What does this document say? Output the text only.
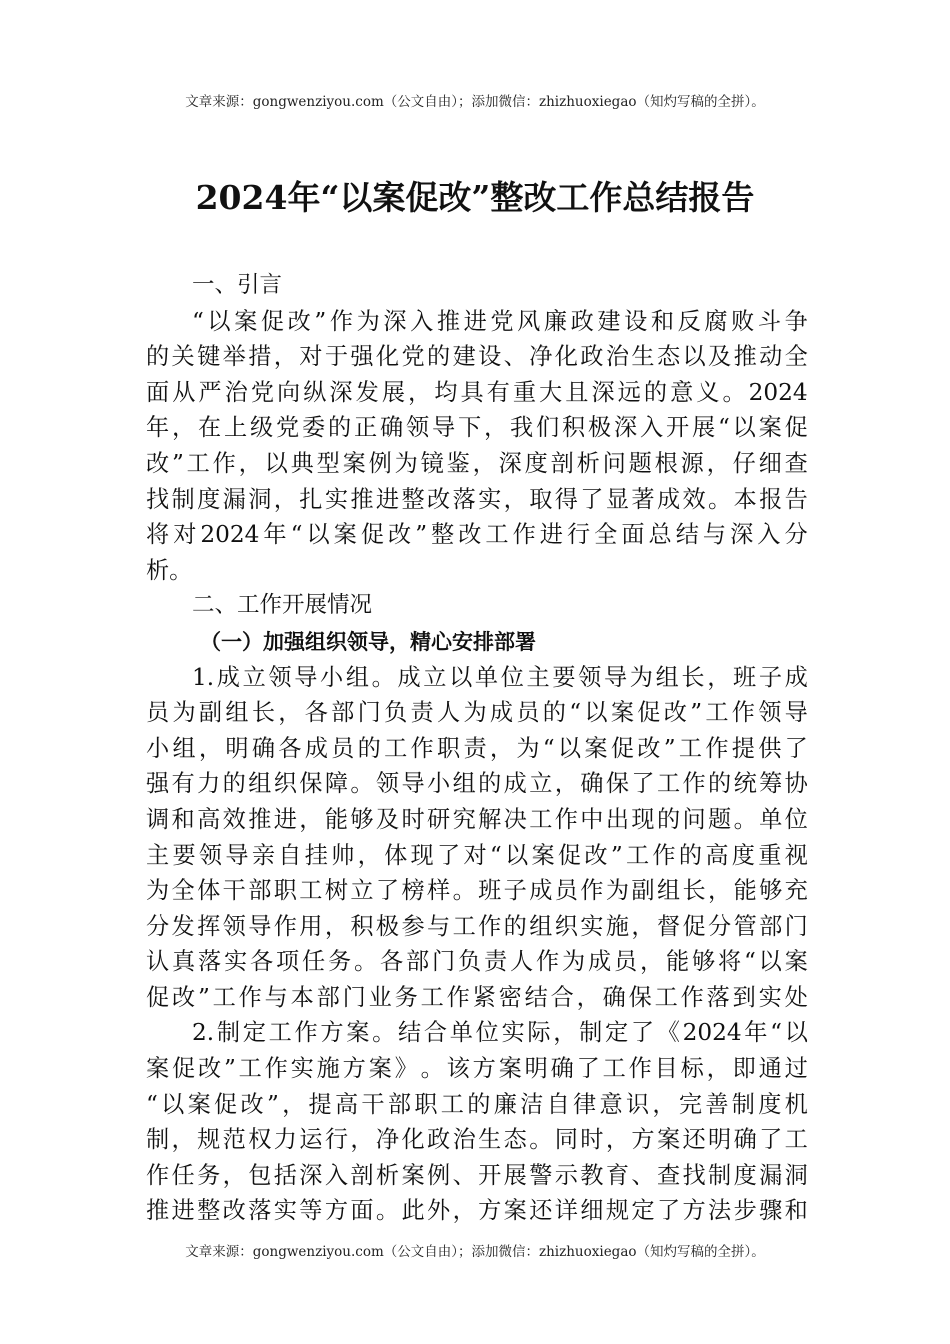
文章来源：gongwenziyou.com（公文自由）；添加微信：zhizhuoxiegao（知灼写稿的全拼）。
2024年“以案促改”整改工作总结报告
一、引言
“ 以 案 促 改 ” 作 为 深 入 推 进 党 风 廉 政 建 设 和 反 腐 败 斗 争
的 关 键 举 措 ， 对 于 强 化 党 的 建 设 、 净 化 政 治 生 态 以 及 推 动 全
面 从 严 治 党 向 纵 深 发 展 ， 均 具 有 重 大 且 深 远 的 意 义 。 2024
年 ， 在 上 级 党 委 的 正 确 领 导 下 ， 我 们 积 极 深 入 开 展 “ 以 案 促
改 ” 工 作 ， 以 典 型 案 例 为 镜 鉴 ， 深 度 剖 析 问 题 根 源 ， 仔 细 查
找 制 度 漏 洞 ， 扎 实 推 进 整 改 落 实 ， 取 得 了 显 著 成 效 。 本 报 告
将 对 2024 年 “ 以 案 促 改 ” 整 改 工 作 进 行 全 面 总 结 与 深 入 分
析。
二、工作开展情况
（一）加强组织领导，精心安排部署
1. 成 立 领 导 小 组 。 成 立 以 单 位 主 要 领 导 为 组 长 ， 班 子 成
员 为 副 组 长 ， 各 部 门 负 责 人 为 成 员 的 “ 以 案 促 改 ” 工 作 领 导
小 组 ， 明 确 各 成 员 的 工 作 职 责 ， 为 “ 以 案 促 改 ” 工 作 提 供 了
强 有 力 的 组 织 保 障 。 领 导 小 组 的 成 立 ， 确 保 了 工 作 的 统 筹 协
调 和 高 效 推 进 ， 能 够 及 时 研 究 解 决 工 作 中 出 现 的 问 题 。 单 位
主 要 领 导 亲 自 挂 帅 ， 体 现 了 对 “ 以 案 促 改 ” 工 作 的 高 度 重 视
为 全 体 干 部 职 工 树 立 了 榜 样 。 班 子 成 员 作 为 副 组 长 ， 能 够 充
分 发 挥 领 导 作 用 ， 积 极 参 与 工 作 的 组 织 实 施 ， 督 促 分 管 部 门
认 真 落 实 各 项 任 务 。 各 部 门 负 责 人 作 为 成 员 ， 能 够 将 “ 以 案
促 改 ” 工 作 与 本 部 门 业 务 工 作 紧 密 结 合 ， 确 保 工 作 落 到 实 处
2. 制 定 工 作 方 案 。 结 合 单 位 实 际 ， 制 定 了 《 2024 年 “ 以
案 促 改 ” 工 作 实 施 方 案 》 。 该 方 案 明 确 了 工 作 目 标 ， 即 通 过
“ 以 案 促 改 ” ， 提 高 干 部 职 工 的 廉 洁 自 律 意 识 ， 完 善 制 度 机
制 ， 规 范 权 力 运 行 ， 净 化 政 治 生 态 。 同 时 ， 方 案 还 明 确 了 工
作 任 务 ， 包 括 深 入 剖 析 案 例 、 开 展 警 示 教 育 、 查 找 制 度 漏 洞
推 进 整 改 落 实 等 方 面 。 此 外 ， 方 案 还 详 细 规 定 了 方 法 步 骤 和
文章来源：gongwenziyou.com（公文自由）；添加微信：zhizhuoxiegao（知灼写稿的全拼）。
